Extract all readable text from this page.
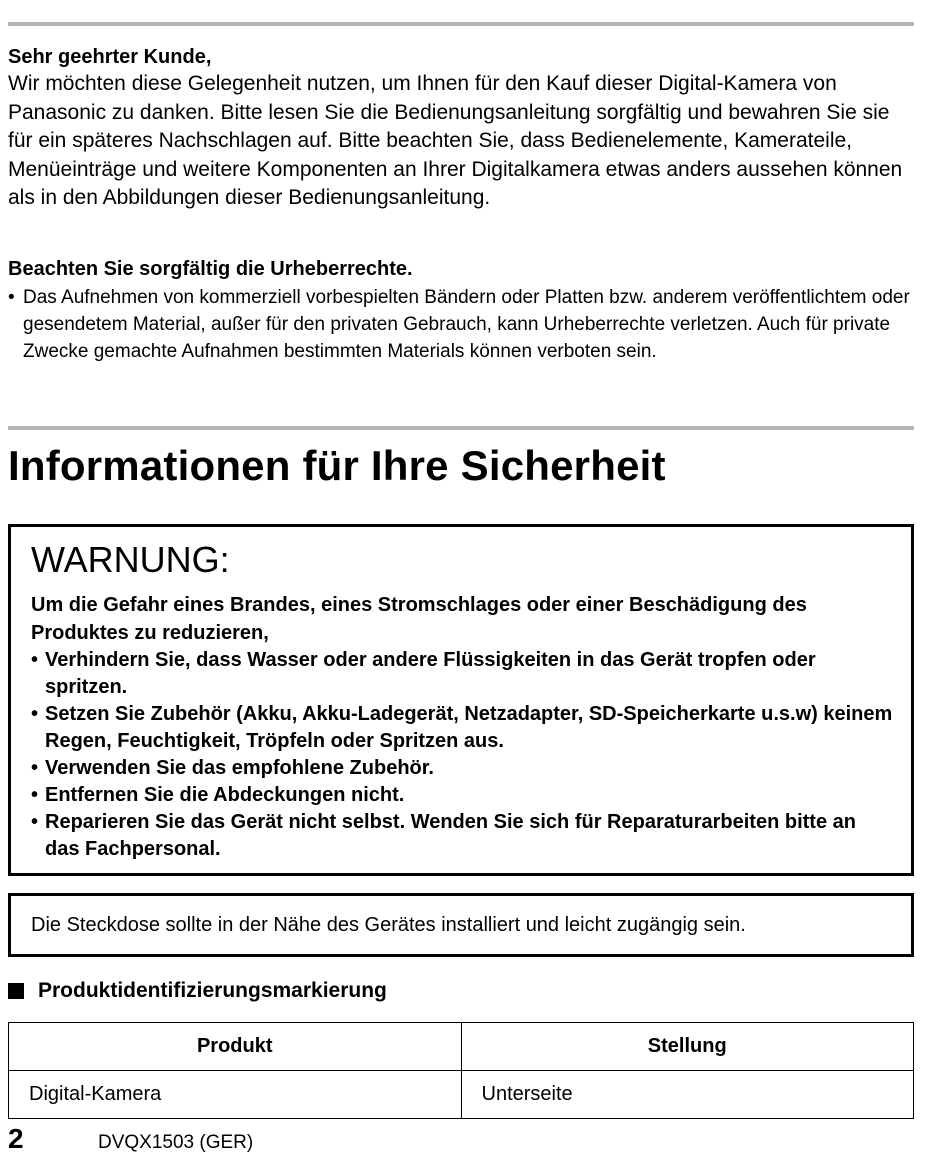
Sehr geehrter Kunde,
Wir möchten diese Gelegenheit nutzen, um Ihnen für den Kauf dieser Digital-Kamera von Panasonic zu danken. Bitte lesen Sie die Bedienungsanleitung sorgfältig und bewahren Sie sie für ein späteres Nachschlagen auf. Bitte beachten Sie, dass Bedienelemente, Kamerateile, Menüeinträge und weitere Komponenten an Ihrer Digitalkamera etwas anders aussehen können als in den Abbildungen dieser Bedienungsanleitung.
Beachten Sie sorgfältig die Urheberrechte.
• Das Aufnehmen von kommerziell vorbespielten Bändern oder Platten bzw. anderem veröffentlichtem oder gesendetem Material, außer für den privaten Gebrauch, kann Urheberrechte verletzen. Auch für private Zwecke gemachte Aufnahmen bestimmten Materials können verboten sein.
Informationen für Ihre Sicherheit
WARNUNG:
Um die Gefahr eines Brandes, eines Stromschlages oder einer Beschädigung des Produktes zu reduzieren,
• Verhindern Sie, dass Wasser oder andere Flüssigkeiten in das Gerät tropfen oder spritzen.
• Setzen Sie Zubehör (Akku, Akku-Ladegerät, Netzadapter, SD-Speicherkarte u.s.w) keinem Regen, Feuchtigkeit, Tröpfeln oder Spritzen aus.
• Verwenden Sie das empfohlene Zubehör.
• Entfernen Sie die Abdeckungen nicht.
• Reparieren Sie das Gerät nicht selbst. Wenden Sie sich für Reparaturarbeiten bitte an das Fachpersonal.
Die Steckdose sollte in der Nähe des Gerätes installiert und leicht zugängig sein.
Produktidentifizierungsmarkierung
Produkt	Stellung
Digital-Kamera	Unterseite
2	DVQX1503 (GER)
